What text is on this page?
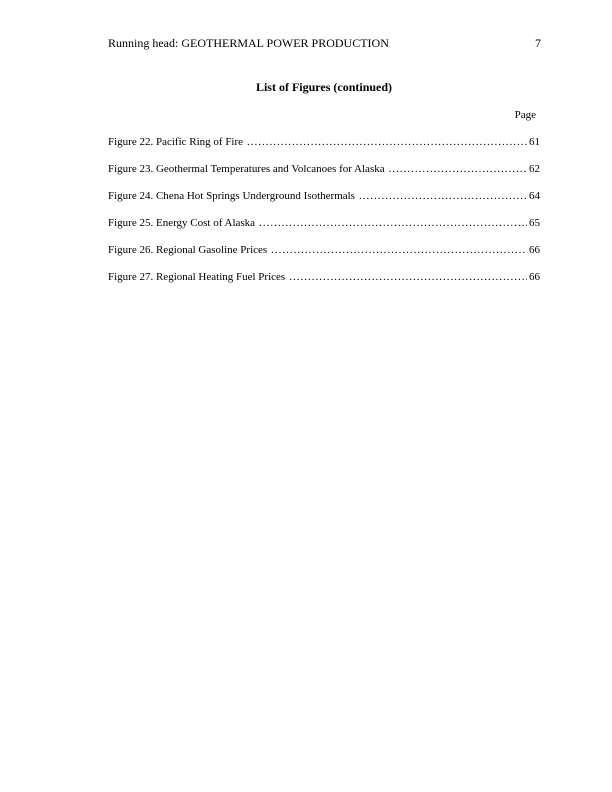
Running head: GEOTHERMAL POWER PRODUCTION	7
List of Figures (continued)
Page
Figure 22. Pacific Ring of Fire .....	61
Figure 23. Geothermal Temperatures and Volcanoes for Alaska .....	62
Figure 24. Chena Hot Springs Underground Isothermals .....	64
Figure 25. Energy Cost of Alaska .....	65
Figure 26. Regional Gasoline Prices .....	66
Figure 27. Regional Heating Fuel Prices .....	66
